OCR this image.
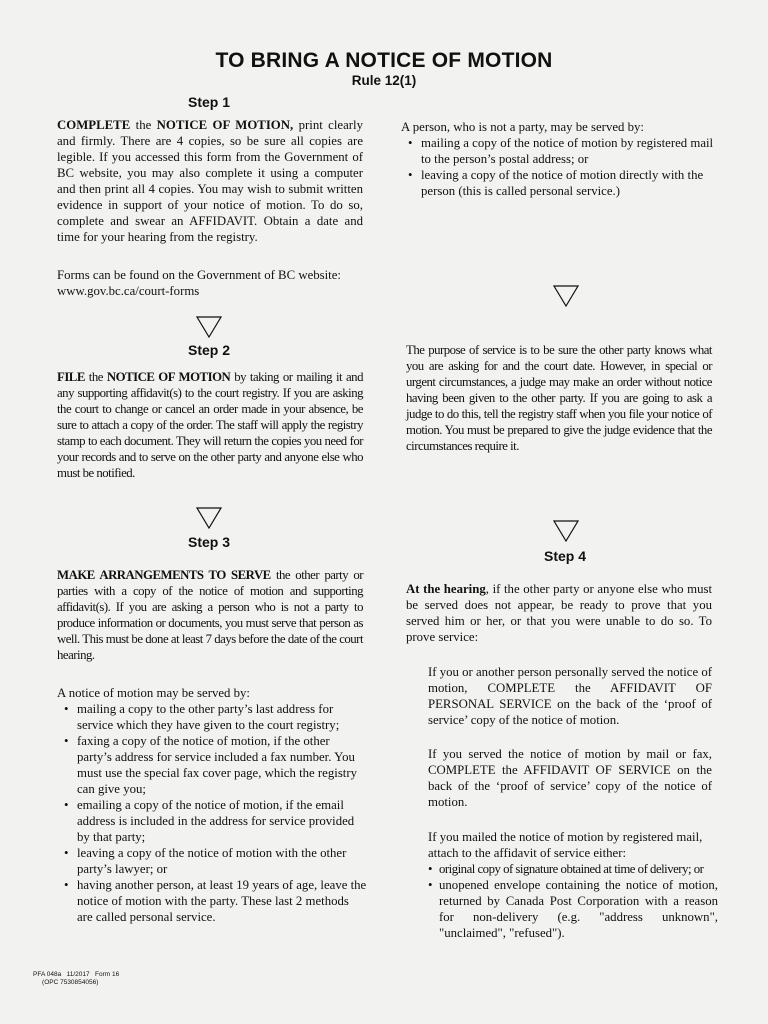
TO BRING A NOTICE OF MOTION
Rule 12(1)
Step 1
COMPLETE the NOTICE OF MOTION, print clearly and firmly. There are 4 copies, so be sure all copies are legible. If you accessed this form from the Government of BC website, you may also complete it using a computer and then print all 4 copies. You may wish to submit written evidence in support of your notice of motion. To do so, complete and swear an AFFIDAVIT. Obtain a date and time for your hearing from the registry.
Forms can be found on the Government of BC website:
www.gov.bc.ca/court-forms
Step 2
FILE the NOTICE OF MOTION by taking or mailing it and any supporting affidavit(s) to the court registry. If you are asking the court to change or cancel an order made in your absence, be sure to attach a copy of the order. The staff will apply the registry stamp to each document. They will return the copies you need for your records and to serve on the other party and anyone else who must be notified.
Step 3
MAKE ARRANGEMENTS TO SERVE the other party or parties with a copy of the notice of motion and supporting affidavit(s). If you are asking a person who is not a party to produce information or documents, you must serve that person as well. This must be done at least 7 days before the date of the court hearing.
A notice of motion may be served by:
• mailing a copy to the other party’s last address for service which they have given to the court registry;
• faxing a copy of the notice of motion, if the other party’s address for service included a fax number. You must use the special fax cover page, which the registry can give you;
• emailing a copy of the notice of motion, if the email address is included in the address for service provided by that party;
• leaving a copy of the notice of motion with the other party’s lawyer; or
• having another person, at least 19 years of age, leave the notice of motion with the party. These last 2 methods are called personal service.
A person, who is not a party, may be served by:
• mailing a copy of the notice of motion by registered mail to the person’s postal address; or
• leaving a copy of the notice of motion directly with the person (this is called personal service.)
The purpose of service is to be sure the other party knows what you are asking for and the court date. However, in special or urgent circumstances, a judge may make an order without notice having been given to the other party. If you are going to ask a judge to do this, tell the registry staff when you file your notice of motion. You must be prepared to give the judge evidence that the circumstances require it.
Step 4
At the hearing, if the other party or anyone else who must be served does not appear, be ready to prove that you served him or her, or that you were unable to do so. To prove service:
If you or another person personally served the notice of motion, COMPLETE the AFFIDAVIT OF PERSONAL SERVICE on the back of the ‘proof of service’ copy of the notice of motion.
If you served the notice of motion by mail or fax, COMPLETE the AFFIDAVIT OF SERVICE on the back of the ‘proof of service’ copy of the notice of motion.
If you mailed the notice of motion by registered mail, attach to the affidavit of service either:
• original copy of signature obtained at time of delivery; or
• unopened envelope containing the notice of motion, returned by Canada Post Corporation with a reason for non-delivery (e.g. "address unknown", "unclaimed", "refused").
PFA 048a   11/2017   Form 16
(OPC 7530854056)
